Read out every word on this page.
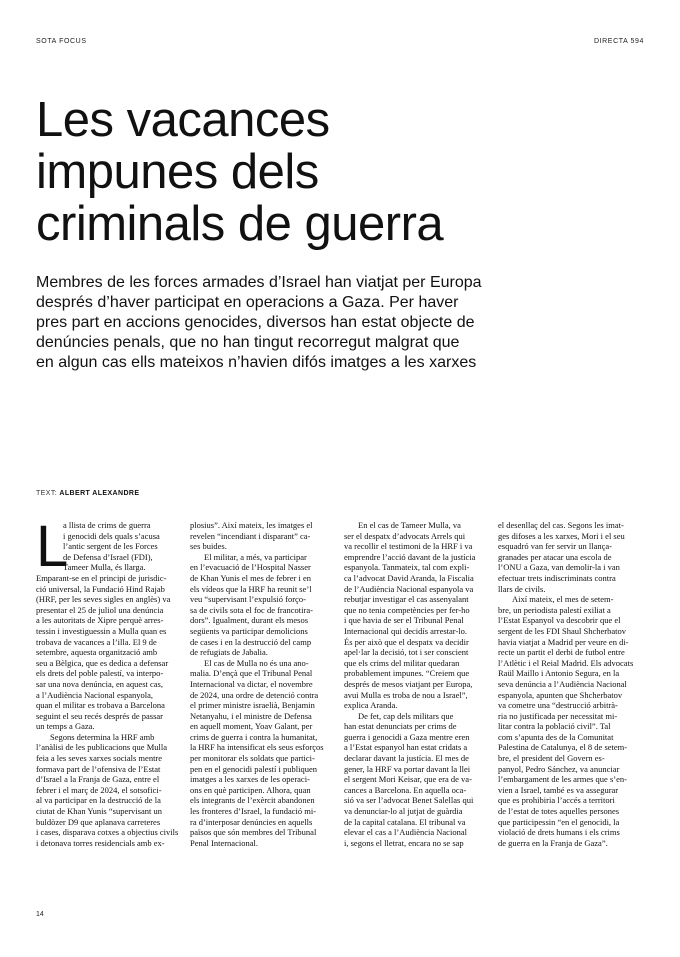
SOTA FOCUS	DIRECTA 594
Les vacances
impunes dels
criminals de guerra

Membres de les forces armades d’Israel han viatjat per Europa
després d’haver participat en operacions a Gaza. Per haver
pres part en accions genocides, diversos han estat objecte de
denúncies penals, que no han tingut recorregut malgrat que
en algun cas ells mateixos n’havien difós imatges a les xarxes

TEXT: ALBERT ALEXANDRE
L
a llista de crims de guerra
i genocidi dels quals s’acusa
l’antic sergent de les Forces
de Defensa d’Israel (FDI),
Tameer Mulla, és llarga.
Emparant-se en el principi de jurisdic-
ció universal, la Fundació Hind Rajab
(HRF, per les seves sigles en anglès) va
presentar el 25 de juliol una denúncia
a les autoritats de Xipre perquè arres-
tessin i investiguessin a Mulla quan es
trobava de vacances a l’illa. El 9 de
setembre, aquesta organització amb
seu a Bèlgica, que es dedica a defensar
els drets del poble palestí, va interpo-
sar una nova denúncia, en aquest cas,
a l’Audiència Nacional espanyola,
quan el militar es trobava a Barcelona
seguint el seu recés després de passar
un temps a Gaza.
Segons determina la HRF amb
l’anàlisi de les publicacions que Mulla
feia a les seves xarxes socials mentre
formava part de l’ofensiva de l’Estat
d’Israel a la Franja de Gaza, entre el
febrer i el març de 2024, el sotsofici-
al va participar en la destrucció de la
ciutat de Khan Yunis “supervisant un
buldòzer D9 que aplanava carreteres
i cases, disparava cotxes a objectius civils
i detonava torres residencials amb ex-
plosius”. Així mateix, les imatges el
revelen “incendiant i disparant” ca-
ses buides.
El militar, a més, va participar
en l’evacuació de l’Hospital Nasser
de Khan Yunis el mes de febrer i en
els vídeos que la HRF ha reunit se’l
veu “supervisant l’expulsió forço-
sa de civils sota el foc de francotira-
dors”. Igualment, durant els mesos
següents va participar demolicions
de cases i en la destrucció del camp
de refugiats de Jabalia.
El cas de Mulla no és una ano-
malia. D’ençà que el Tribunal Penal
Internacional va dictar, el novembre
de 2024, una ordre de detenció contra
el primer ministre israelià, Benjamin
Netanyahu, i el ministre de Defensa
en aquell moment, Yoav Galant, per
crims de guerra i contra la humanitat,
la HRF ha intensificat els seus esforços
per monitorar els soldats que partici-
pen en el genocidi palestí i publiquen
imatges a les xarxes de les operaci-
ons en què participen. Alhora, quan
els integrants de l’exèrcit abandonen
les fronteres d’Israel, la fundació mi-
ra d’interposar denúncies en aquells
països que són membres del Tribunal
Penal Internacional.
En el cas de Tameer Mulla, va
ser el despatx d’advocats Arrels qui
va recollir el testimoni de la HRF i va
emprendre l’acció davant de la justícia
espanyola. Tanmateix, tal com expli-
ca l’advocat David Aranda, la Fiscalia
de l’Audiència Nacional espanyola va
rebutjar investigar el cas assenyalant
que no tenia competències per fer-ho
i que havia de ser el Tribunal Penal
Internacional qui decidís arrestar-lo.
És per això que el despatx va decidir
apel·lar la decisió, tot i ser conscient
que els crims del militar quedaran
probablement impunes. “Creiem que
després de mesos viatjant per Europa,
avui Mulla es troba de nou a Israel”,
explica Aranda.
De fet, cap dels militars que
han estat denunciats per crims de
guerra i genocidi a Gaza mentre eren
a l’Estat espanyol han estat cridats a
declarar davant la justícia. El mes de
gener, la HRF va portar davant la llei
el sergent Mori Keisar, que era de va-
cances a Barcelona. En aquella oca-
sió va ser l’advocat Benet Salellas qui
va denunciar-lo al jutjat de guàrdia
de la capital catalana. El tribunal va
elevar el cas a l’Audiència Nacional
i, segons el lletrat, encara no se sap
el desenllaç del cas. Segons les imat-
ges difoses a les xarxes, Mori i el seu
esquadró van fer servir un llança-
granades per atacar una escola de
l’ONU a Gaza, van demolir-la i van
efectuar trets indiscriminats contra
llars de civils.
Així mateix, el mes de setem-
bre, un periodista palestí exiliat a
l’Estat Espanyol va descobrir que el
sergent de les FDI Shaul Shcherbatov
havia viatjat a Madrid per veure en di-
recte un partit el derbi de futbol entre
l’Atlètic i el Reial Madrid. Els advocats
Raül Maillo i Antonio Segura, en la
seva denúncia a l’Audiència Nacional
espanyola, apunten que Shcherbatov
va cometre una “destrucció arbitrà-
ria no justificada per necessitat mi-
litar contra la població civil”. Tal
com s’apunta des de la Comunitat
Palestina de Catalunya, el 8 de setem-
bre, el president del Govern es-
panyol, Pedro Sánchez, va anunciar
l’embargament de les armes que s’en-
vien a Israel, també es va assegurar
que es prohibiria l’accés a territori
de l’estat de totes aquelles persones
que participessin “en el genocidi, la
violació de drets humans i els crims
de guerra en la Franja de Gaza”.
14
